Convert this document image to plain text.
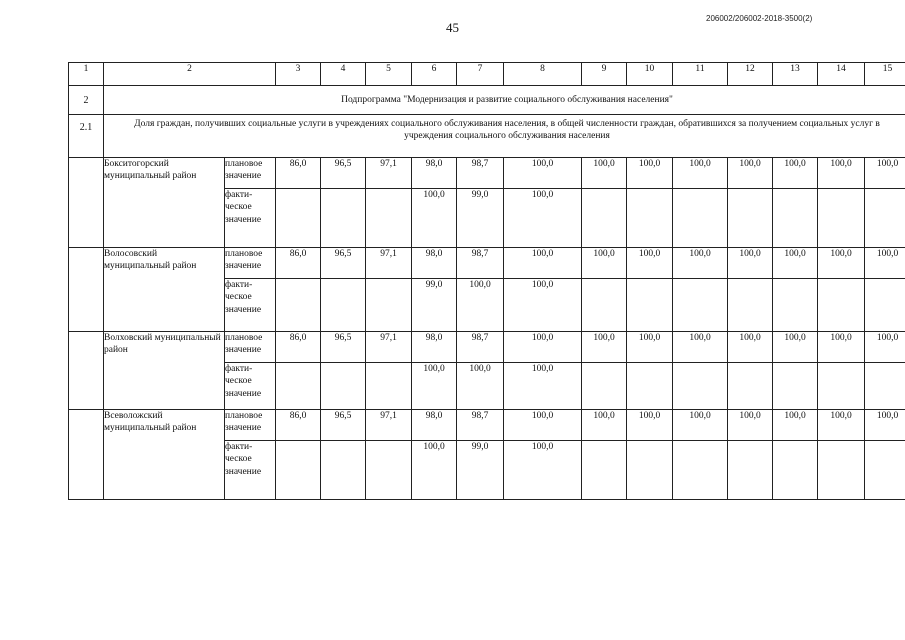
45
206002/206002-2018-3500(2)
1	2		3	4	5	6	7	8	9	10	11	12	13	14	15
2	Подпрограмма "Модернизация и развитие социального обслуживания населения"														
2.1	Доля граждан, получивших социальные услуги в учреждениях социального обслуживания населения, в общей численности граждан, обратившихся за получением социальных услуг в учреждения социального обслуживания населения														
	Бокситогорский муниципальный район	плановое значение	86,0	96,5	97,1	98,0	98,7	100,0	100,0	100,0	100,0	100,0	100,0	100,0	100,0
		факти-ческое значение				100,0	99,0	100,0							
	Волосовский муниципальный район	плановое значение	86,0	96,5	97,1	98,0	98,7	100,0	100,0	100,0	100,0	100,0	100,0	100,0	100,0
		факти-ческое значение				99,0	100,0	100,0							
	Волховский муниципальный район	плановое значение	86,0	96,5	97,1	98,0	98,7	100,0	100,0	100,0	100,0	100,0	100,0	100,0	100,0
		факти-ческое значение				100,0	100,0	100,0							
	Всеволожский муниципальный район	плановое значение	86,0	96,5	97,1	98,0	98,7	100,0	100,0	100,0	100,0	100,0	100,0	100,0	100,0
		факти-ческое значение				100,0	99,0	100,0							
